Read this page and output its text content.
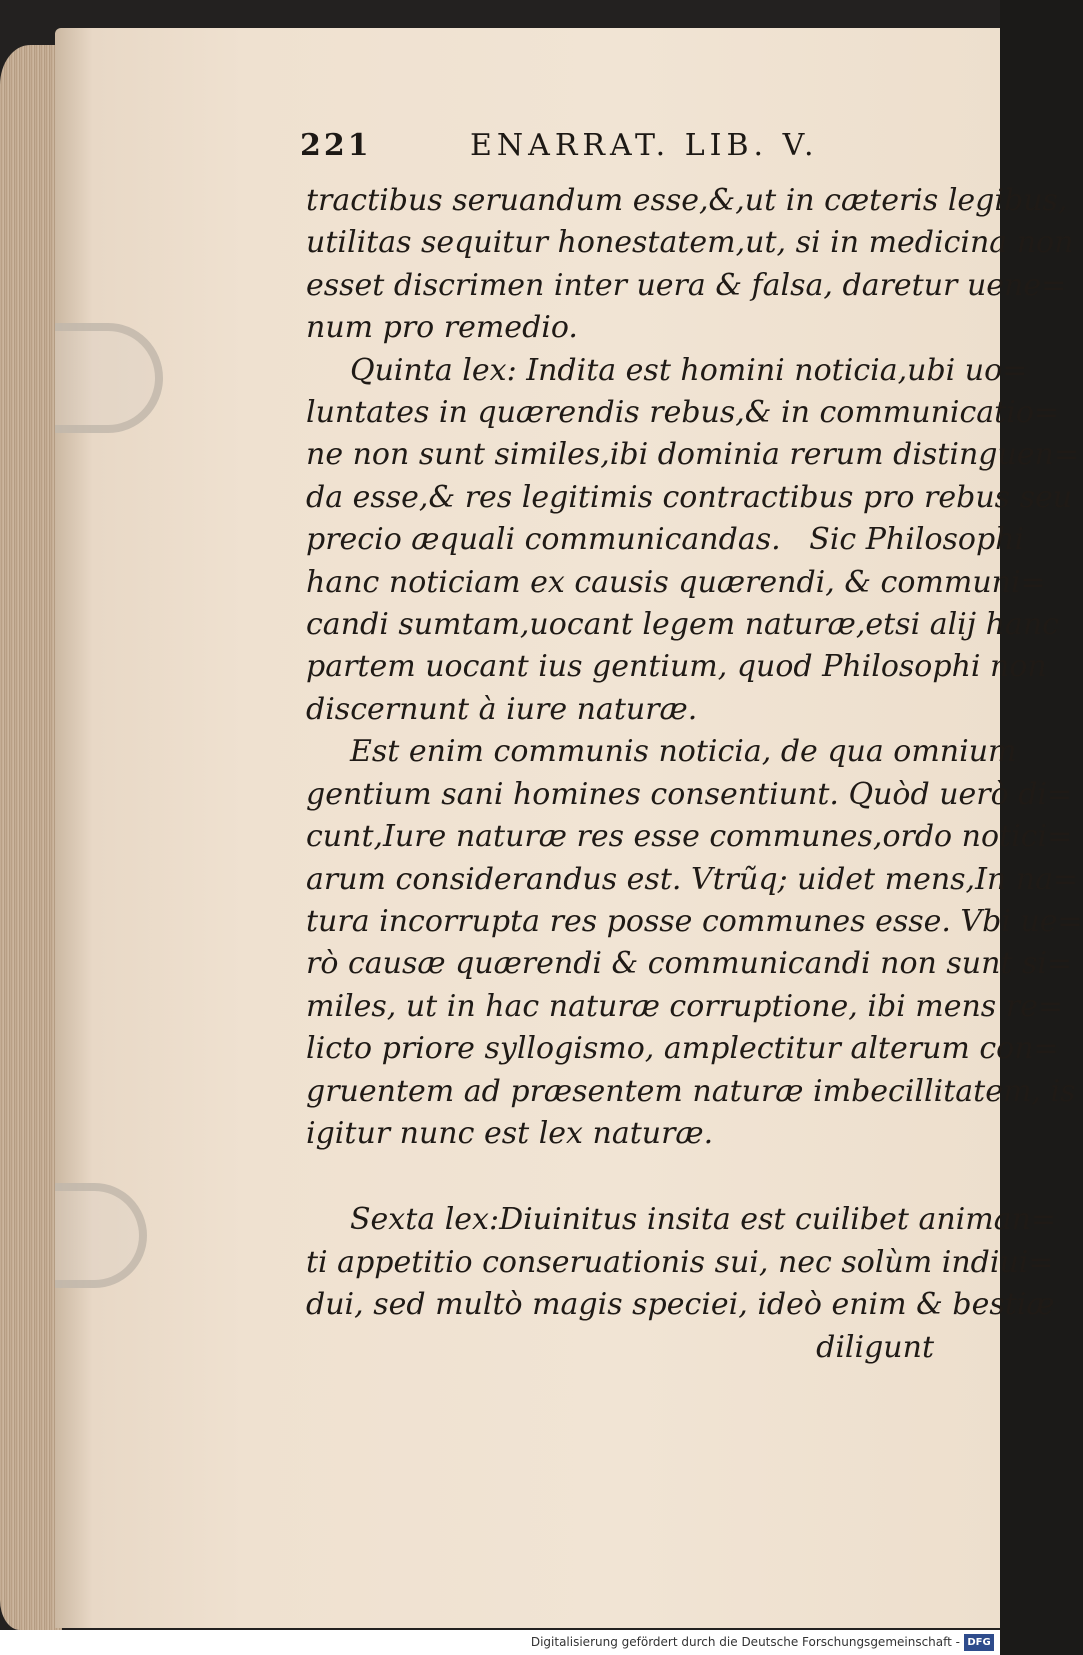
221	ENARRAT. LIB. V.
tractibus seruandum esse,&,ut in cæteris legibus,
utilitas sequitur honestatem,ut, si in medicina non
esset discrimen inter uera & falsa, daretur uene=
num pro remedio.
Quinta lex: Indita est homini noticia,ubi uo=
luntates in quærendis rebus,& in communicatio=
ne non sunt similes,ibi dominia rerum distinguen=
da esse,& res legitimis contractibus pro rebus seu
precio æquali communicandas.   Sic Philosophi
hanc noticiam ex causis quærendi, & communi=
candi sumtam,uocant legem naturæ,etsi alij hanc
partem uocant ius gentium, quod Philosophi non
discernunt à iure naturæ.
Est enim communis noticia, de qua omnium
gentium sani homines consentiunt. Quòd uerò di=
cunt,Iure naturæ res esse communes,ordo notici=
arum considerandus est. Vtrũq; uidet mens,In na=
tura incorrupta res posse communes esse. Vbi ue=
rò causæ quærendi & communicandi non sunt si=
miles, ut in hac naturæ corruptione, ibi mens re=
licto priore syllogismo, amplectitur alterum con=
gruentem ad præsentem naturæ imbecillitatem, is
igitur nunc est lex naturæ.
Sexta lex:Diuinitus insita est cuilibet animan=
ti appetitio conseruationis sui, nec solùm indiui=
dui, sed multò magis speciei, ideò enim & bestiæ
diligunt
Digitalisierung gefördert durch die Deutsche Forschungsgemeinschaft - DFG
